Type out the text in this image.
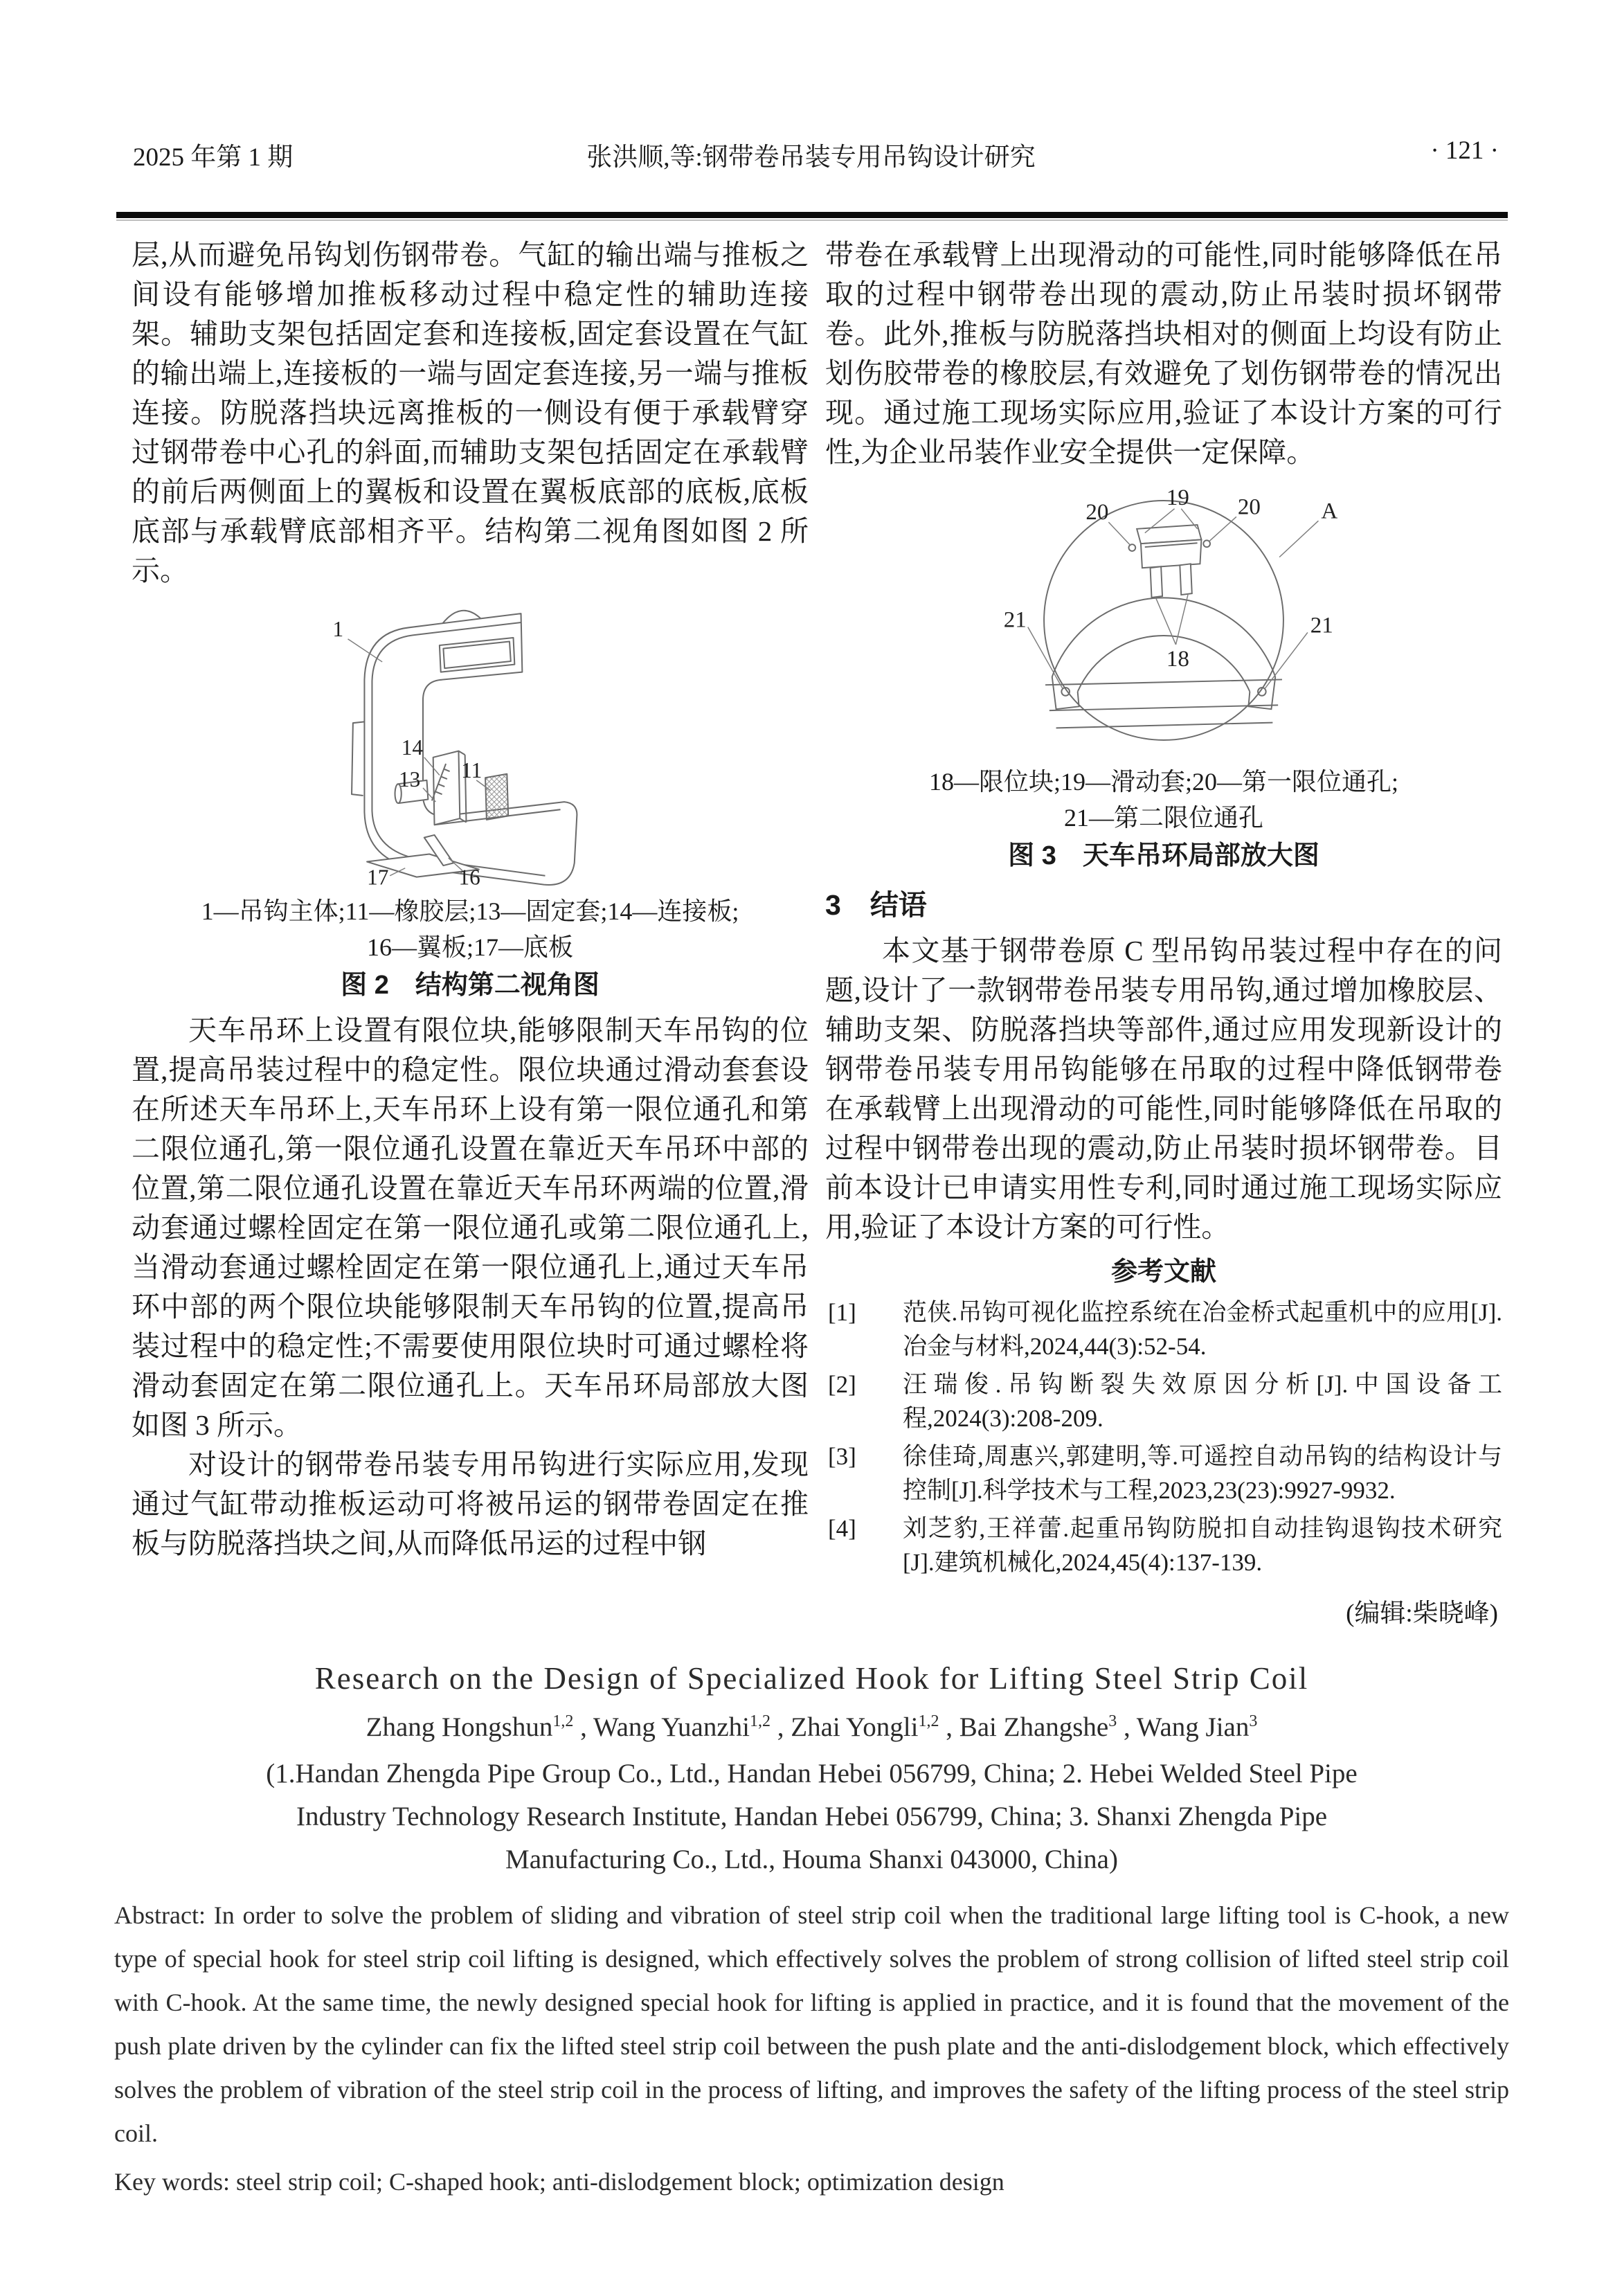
2025 年第 1 期	张洪顺,等:钢带卷吊装专用吊钩设计研究	· 121 ·

层,从而避免吊钩划伤钢带卷。气缸的输出端与推板之间设有能够增加推板移动过程中稳定性的辅助连接架。辅助支架包括固定套和连接板,固定套设置在气缸的输出端上,连接板的一端与固定套连接,另一端与推板连接。防脱落挡块远离推板的一侧设有便于承载臂穿过钢带卷中心孔的斜面,而辅助支架包括固定在承载臂的前后两侧面上的翼板和设置在翼板底部的底板,底板底部与承载臂底部相齐平。结构第二视角图如图 2 所示。

1
14
13 11
16
17
1—吊钩主体;11—橡胶层;13—固定套;14—连接板;
16—翼板;17—底板
图 2　结构第二视角图

天车吊环上设置有限位块,能够限制天车吊钩的位置,提高吊装过程中的稳定性。限位块通过滑动套套设在所述天车吊环上,天车吊环上设有第一限位通孔和第二限位通孔,第一限位通孔设置在靠近天车吊环中部的位置,第二限位通孔设置在靠近天车吊环两端的位置,滑动套通过螺栓固定在第一限位通孔或第二限位通孔上,当滑动套通过螺栓固定在第一限位通孔上,通过天车吊环中部的两个限位块能够限制天车吊钩的位置,提高吊装过程中的稳定性;不需要使用限位块时可通过螺栓将滑动套固定在第二限位通孔上。天车吊环局部放大图如图 3 所示。

对设计的钢带卷吊装专用吊钩进行实际应用,发现通过气缸带动推板运动可将被吊运的钢带卷固定在推板与防脱落挡块之间,从而降低吊运的过程中钢

带卷在承载臂上出现滑动的可能性,同时能够降低在吊取的过程中钢带卷出现的震动,防止吊装时损坏钢带卷。此外,推板与防脱落挡块相对的侧面上均设有防止划伤胶带卷的橡胶层,有效避免了划伤钢带卷的情况出现。通过施工现场实际应用,验证了本设计方案的可行性,为企业吊装作业安全提供一定保障。

19
20	20	A
21	21
18
18—限位块;19—滑动套;20—第一限位通孔;
21—第二限位通孔
图 3　天车吊环局部放大图
3 结语

本文基于钢带卷原 C 型吊钩吊装过程中存在的问题,设计了一款钢带卷吊装专用吊钩,通过增加橡胶层、辅助支架、防脱落挡块等部件,通过应用发现新设计的钢带卷吊装专用吊钩能够在吊取的过程中降低钢带卷在承载臂上出现滑动的可能性,同时能够降低在吊取的过程中钢带卷出现的震动,防止吊装时损坏钢带卷。目前本设计已申请实用性专利,同时通过施工现场实际应用,验证了本设计方案的可行性。

参考文献
[1] 范侠.吊钩可视化监控系统在冶金桥式起重机中的应用[J].冶金与材料,2024,44(3):52-54.
[2] 汪瑞俊.吊钩断裂失效原因分析[J].中国设备工程,2024(3):208-209.
[3] 徐佳琦,周惠兴,郭建明,等.可遥控自动吊钩的结构设计与控制[J].科学技术与工程,2023,23(23):9927-9932.
[4] 刘芝豹,王祥蕾.起重吊钩防脱扣自动挂钩退钩技术研究[J].建筑机械化,2024,45(4):137-139.
(编辑:柴晓峰)
Research on the Design of Specialized Hook for Lifting Steel Strip Coil
Zhang Hongshun$^{1,2}$ , Wang Yuanzhi$^{1,2}$ , Zhai Yongli$^{1,2}$ , Bai Zhangshe$^3$ , Wang Jian$^3$
(1.Handan Zhengda Pipe Group Co., Ltd., Handan Hebei 056799, China; 2. Hebei Welded Steel Pipe
Industry Technology Research Institute, Handan Hebei 056799, China; 3. Shanxi Zhengda Pipe
Manufacturing Co., Ltd., Houma Shanxi 043000, China)

Abstract: In order to solve the problem of sliding and vibration of steel strip coil when the traditional large lifting tool is C-hook, a new type of special hook for steel strip coil lifting is designed, which effectively solves the problem of strong collision of lifted steel strip coil with C-hook. At the same time, the newly designed special hook for lifting is applied in practice, and it is found that the movement of the push plate driven by the cylinder can fix the lifted steel strip coil between the push plate and the anti-dislodgement block, which effectively solves the problem of vibration of the steel strip coil in the process of lifting, and improves the safety of the lifting process of the steel strip coil.

Key words: steel strip coil; C-shaped hook; anti-dislodgement block; optimization design
